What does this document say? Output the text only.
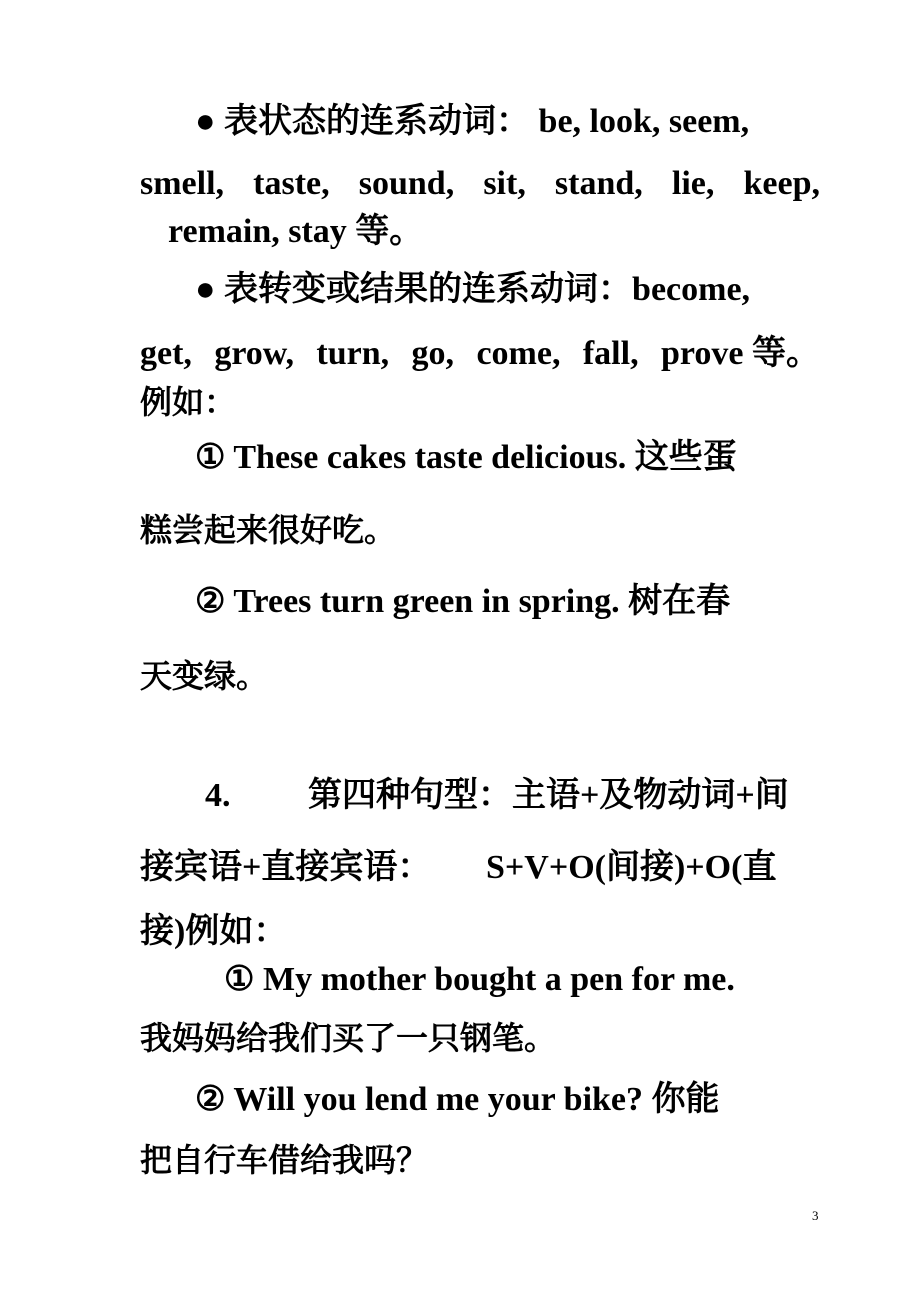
● 表状态的连系动词： be, look, seem,
smell, taste, sound, sit, stand, lie, keep,
remain, stay 等。
● 表转变或结果的连系动词：become,
get, grow, turn, go, come, fall, prove 等。
例如：
① These cakes taste delicious. 这些蛋
糕尝起来很好吃。
② Trees turn green in spring. 树在春
天变绿。
4. 第四种句型：主语+及物动词+间
接宾语+直接宾语： S+V+O(间接)+O(直
接)例如：
① My mother bought a pen for me.
我妈妈给我们买了一只钢笔。
② Will you lend me your bike? 你能
把自行车借给我吗？
3
